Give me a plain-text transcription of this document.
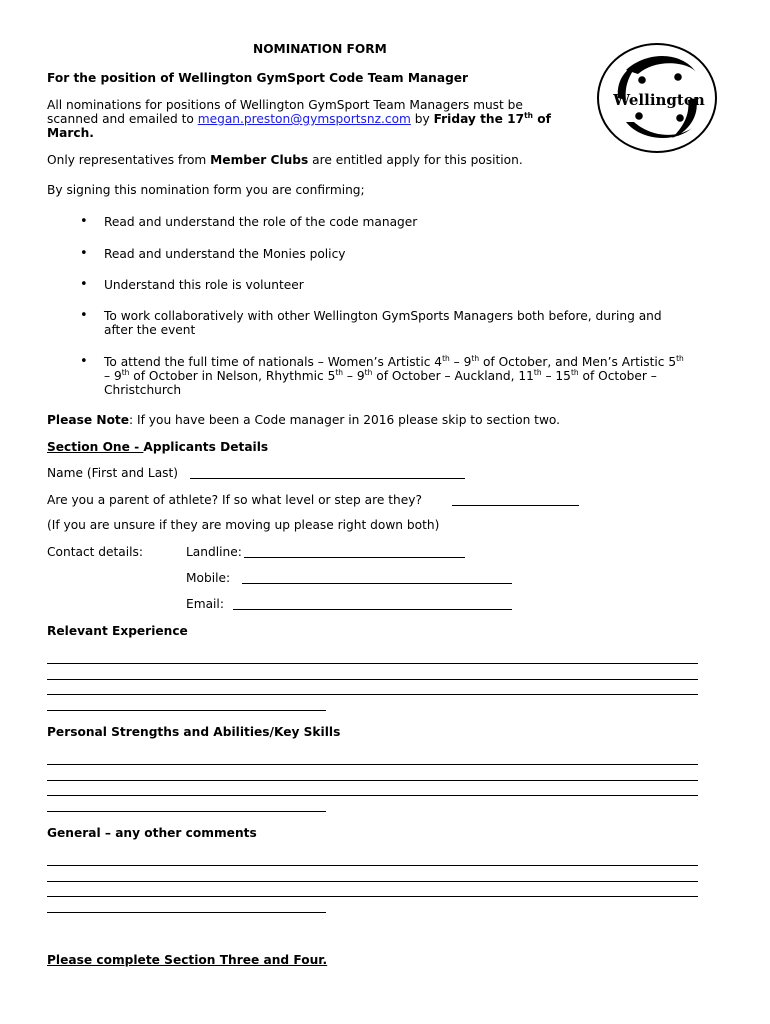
NOMINATION FORM
Wellington
For the position of Wellington GymSport Code Team Manager
All nominations for positions of Wellington GymSport Team Managers must be
scanned and emailed to megan.preston@gymsportsnz.com by Friday the 17th of
March.
Only representatives from Member Clubs are entitled apply for this position.
By signing this nomination form you are confirming;
• Read and understand the role of the code manager
• Read and understand the Monies policy
• Understand this role is volunteer
• To work collaboratively with other Wellington GymSports Managers both before, during and
after the event
• To attend the full time of nationals – Women’s Artistic 4th – 9th of October, and Men’s Artistic 5th
– 9th of October in Nelson, Rhythmic 5th – 9th of October – Auckland, 11th – 15th of October –
Christchurch
Please Note: If you have been a Code manager in 2016 please skip to section two.
Section One - Applicants Details
Name (First and Last)
Are you a parent of athlete? If so what level or step are they?
(If you are unsure if they are moving up please right down both)
Contact details:	Landline:
Mobile:
Email:
Relevant Experience
Personal Strengths and Abilities/Key Skills
General – any other comments
Please complete Section Three and Four.
